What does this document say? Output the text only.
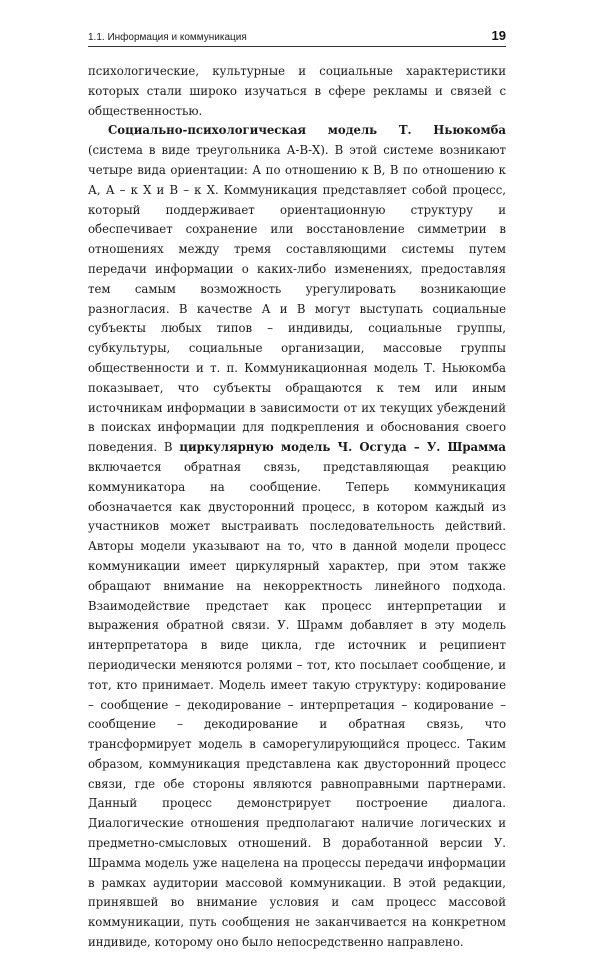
1.1. Информация и коммуникация	19

психологические, культурные и социальные характеристики которых стали широко изучаться в сфере рекламы и связей с общественностью.

Социально-психологическая модель Т. Ньюкомба (система в виде треугольника А-В-Х). В этой системе возникают четыре вида ориентации: А по отношению к В, В по отношению к А, А – к Х и В – к Х. Коммуникация представляет собой процесс, который поддерживает ориентационную структуру и обеспечивает сохранение или восстановление симметрии в отношениях между тремя составляющими системы путем передачи информации о каких-либо изменениях, предоставляя тем самым возможность урегулировать возникающие разногласия. В качестве А и В могут выступать социальные субъекты любых типов – индивиды, социальные группы, субкультуры, социальные организации, массовые группы общественности и т. п. Коммуникационная модель Т. Ньюкомба показывает, что субъекты обращаются к тем или иным источникам информации в зависимости от их текущих убеждений в поисках информации для подкрепления и обоснования своего поведения. В циркулярную модель Ч. Осгуда – У. Шрамма включается обратная связь, представляющая реакцию коммуникатора на сообщение. Теперь коммуникация обозначается как двусторонний процесс, в котором каждый из участников может выстраивать последовательность действий. Авторы модели указывают на то, что в данной модели процесс коммуникации имеет циркулярный характер, при этом также обращают внимание на некорректность линейного подхода. Взаимодействие предстает как процесс интерпретации и выражения обратной связи. У. Шрамм добавляет в эту модель интерпретатора в виде цикла, где источник и реципиент периодически меняются ролями – тот, кто посылает сообщение, и тот, кто принимает. Модель имеет такую структуру: кодирование – сообщение – декодирование – интерпретация – кодирование – сообщение – декодирование и обратная связь, что трансформирует модель в саморегулирующийся процесс. Таким образом, коммуникация представлена как двусторонний процесс связи, где обе стороны являются равноправными партнерами. Данный процесс демонстрирует построение диалога. Диалогические отношения предполагают наличие логических и предметно-смысловых отношений. В доработанной версии У. Шрамма модель уже нацелена на процессы передачи информации в рамках аудитории массовой коммуникации. В этой редакции, принявшей во внимание условия и сам процесс массовой коммуникации, путь сообщения не заканчивается на конкретном индивиде, которому оно было непосредственно направлено.
